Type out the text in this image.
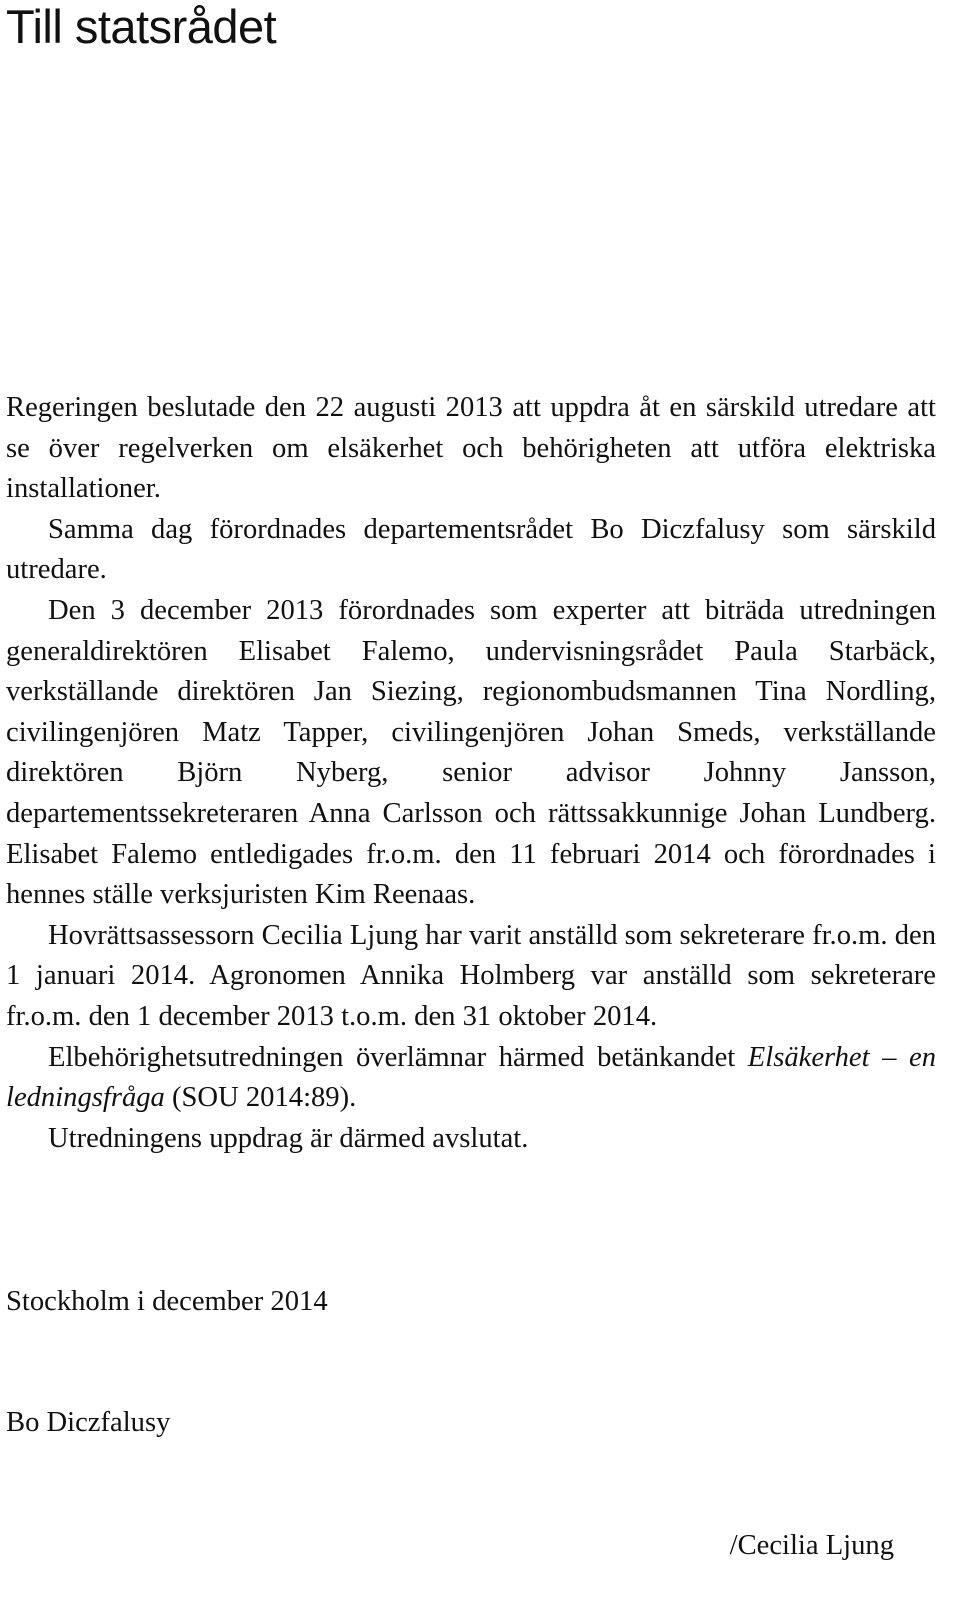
Till statsrådet

Regeringen beslutade den 22 augusti 2013 att uppdra åt en särskild utredare att se över regelverken om elsäkerhet och behörigheten att utföra elektriska installationer.

Samma dag förordnades departementsrådet Bo Diczfalusy som särskild utredare.

Den 3 december 2013 förordnades som experter att biträda utredningen generaldirektören Elisabet Falemo, undervisningsrådet Paula Starbäck, verkställande direktören Jan Siezing, regionombudsmannen Tina Nordling, civilingenjören Matz Tapper, civilingenjören Johan Smeds, verkställande direktören Björn Nyberg, senior advisor Johnny Jansson, departementssekreteraren Anna Carlsson och rättssakkunnige Johan Lundberg. Elisabet Falemo entledigades fr.o.m. den 11 februari 2014 och förordnades i hennes ställe verksjuristen Kim Reenaas.

Hovrättsassessorn Cecilia Ljung har varit anställd som sekreterare fr.o.m. den 1 januari 2014. Agronomen Annika Holmberg var anställd som sekreterare fr.o.m. den 1 december 2013 t.o.m. den 31 oktober 2014.

Elbehörighetsutredningen överlämnar härmed betänkandet Elsäkerhet – en ledningsfråga (SOU 2014:89).

Utredningens uppdrag är därmed avslutat.

Stockholm i december 2014

Bo Diczfalusy

/Cecilia Ljung
